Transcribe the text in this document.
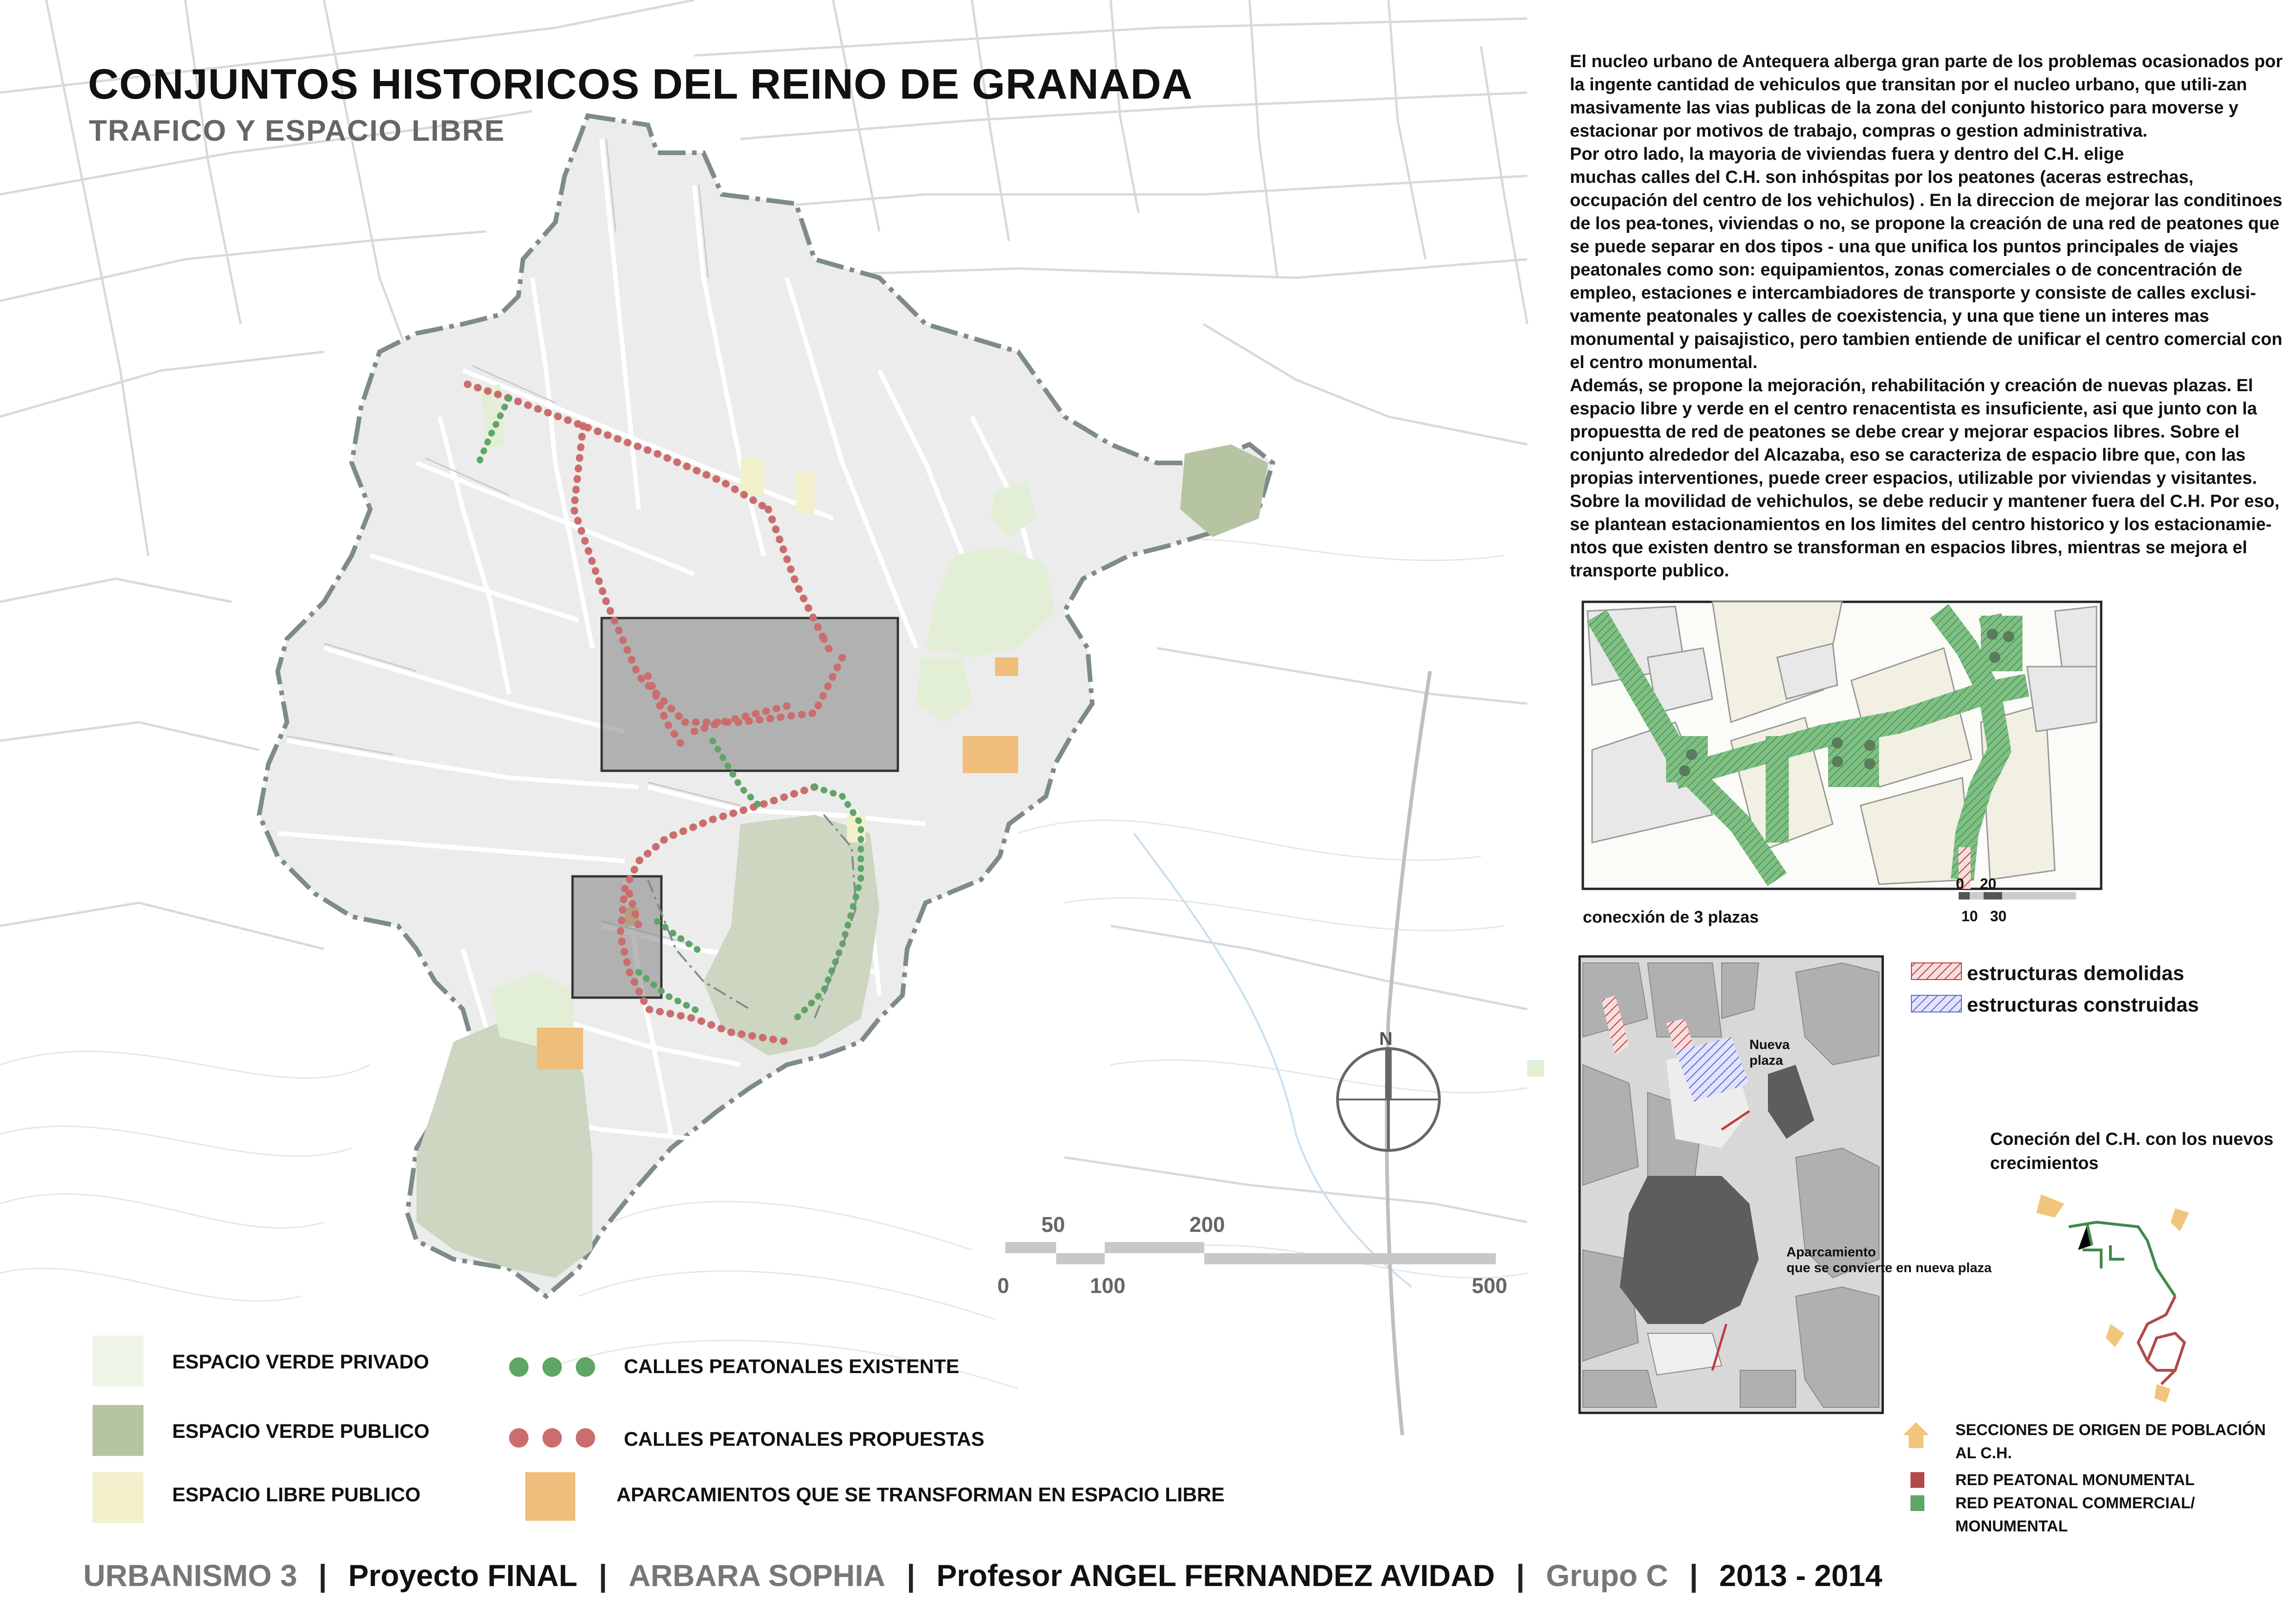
CONJUNTOS HISTORICOS DEL REINO DE GRANADA
TRAFICO Y ESPACIO LIBRE

El nucleo urbano de Antequera alberga gran parte de los problemas ocasionados por la ingente cantidad de vehiculos que transitan por el nucleo urbano, que utili-zan masivamente las vias publicas de la zona del conjunto historico para moverse y estacionar por motivos de trabajo, compras o gestion administrativa.

Por otro lado, la mayoria de viviendas fuera y dentro del C.H. elige

muchas calles del C.H. son inhóspitas por los peatones (aceras estrechas, occupación del centro de los vehichulos) . En la direccion de mejorar las conditinoes de los pea-tones, viviendas o no, se propone la creación de una red de peatones que se puede separar en dos tipos - una que unifica los puntos principales de viajes peatonales como son: equipamientos, zonas comerciales o de concentración de empleo, estaciones e intercambiadores de transporte y consiste de calles exclusi-vamente peatonales y calles de coexistencia, y una que tiene un interes mas monumental y paisajistico, pero tambien entiende de unificar el centro comercial con el centro monumental.

Además, se propone la mejoración, rehabilitación y creación de nuevas plazas. El espacio libre y verde en el centro renacentista es insuficiente, asi que junto con la propuestta de red de peatones se debe crear y mejorar espacios libres. Sobre el conjunto alrededor del Alcazaba, eso se caracteriza de espacio libre que, con las propias interventiones, puede creer espacios, utilizable por viviendas y visitantes. Sobre la movilidad de vehichulos, se debe reducir y mantener fuera del C.H. Por eso, se plantean estacionamientos en los limites del centro historico y los estacionamie-ntos que existen dentro se transforman en espacios libres, mientras se mejora el transporte publico.

ESPACIO VERDE PRIVADO
ESPACIO VERDE PUBLICO
ESPACIO LIBRE PUBLICO
CALLES PEATONALES EXISTENTE
CALLES PEATONALES PROPUESTAS
APARCAMIENTOS QUE SE TRANSFORMAN EN ESPACIO LIBRE
50	200
0	100	500
N
conecxión de 3 plazas
0 20
10 30
Nueva
plaza
Aparcamiento
que se convierte en nueva plaza
estructuras demolidas
estructuras construidas
Coneción del C.H. con los nuevos
crecimientos
SECCIONES DE ORIGEN DE POBLACIÓN
AL C.H.
RED PEATONAL MONUMENTAL
RED PEATONAL COMMERCIAL/
MONUMENTAL
URBANISMO 3 | Proyecto FINAL | ARBARA SOPHIA | Profesor ANGEL FERNANDEZ AVIDAD | Grupo C | 2013 - 2014
